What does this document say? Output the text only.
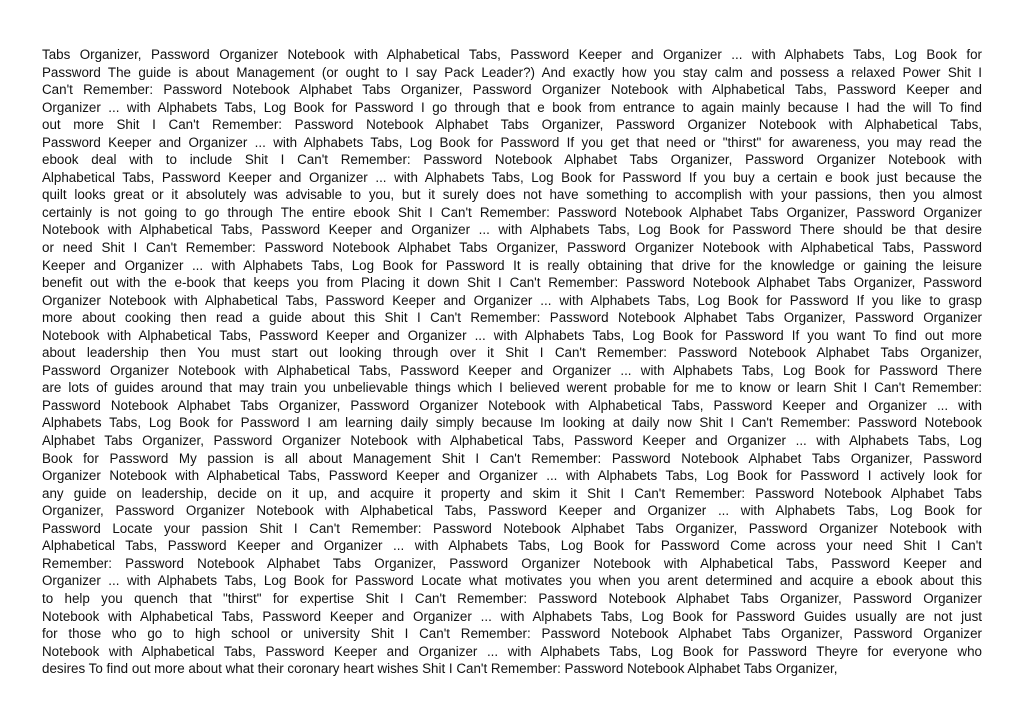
Tabs Organizer, Password Organizer Notebook with Alphabetical Tabs, Password Keeper and Organizer ... with Alphabets Tabs, Log Book for
Password The guide is about Management (or ought to I say Pack Leader?) And exactly how you stay calm and possess a relaxed Power Shit I
Can't Remember: Password Notebook Alphabet Tabs Organizer, Password Organizer Notebook with Alphabetical Tabs, Password Keeper and
Organizer ... with Alphabets Tabs, Log Book for Password I go through that e book from entrance to again mainly because I had the will To find
out more Shit I Can't Remember: Password Notebook Alphabet Tabs Organizer, Password Organizer Notebook with Alphabetical Tabs,
Password Keeper and Organizer ... with Alphabets Tabs, Log Book for Password If you get that need or "thirst" for awareness, you may read the
ebook deal with to include Shit I Can't Remember: Password Notebook Alphabet Tabs Organizer, Password Organizer Notebook with
Alphabetical Tabs, Password Keeper and Organizer ... with Alphabets Tabs, Log Book for Password If you buy a certain e book just because the
quilt looks great or it absolutely was advisable to you, but it surely does not have something to accomplish with your passions, then you almost
certainly is not going to go through The entire ebook Shit I Can't Remember: Password Notebook Alphabet Tabs Organizer, Password Organizer
Notebook with Alphabetical Tabs, Password Keeper and Organizer ... with Alphabets Tabs, Log Book for Password There should be that desire
or need Shit I Can't Remember: Password Notebook Alphabet Tabs Organizer, Password Organizer Notebook with Alphabetical Tabs, Password
Keeper and Organizer ... with Alphabets Tabs, Log Book for Password It is really obtaining that drive for the knowledge or gaining the leisure
benefit out with the e-book that keeps you from Placing it down Shit I Can't Remember: Password Notebook Alphabet Tabs Organizer, Password
Organizer Notebook with Alphabetical Tabs, Password Keeper and Organizer ... with Alphabets Tabs, Log Book for Password If you like to grasp
more about cooking then read a guide about this Shit I Can't Remember: Password Notebook Alphabet Tabs Organizer, Password Organizer
Notebook with Alphabetical Tabs, Password Keeper and Organizer ... with Alphabets Tabs, Log Book for Password If you want To find out more
about leadership then You must start out looking through over it Shit I Can't Remember: Password Notebook Alphabet Tabs Organizer,
Password Organizer Notebook with Alphabetical Tabs, Password Keeper and Organizer ... with Alphabets Tabs, Log Book for Password There
are lots of guides around that may train you unbelievable things which I believed werent probable for me to know or learn Shit I Can't Remember:
Password Notebook Alphabet Tabs Organizer, Password Organizer Notebook with Alphabetical Tabs, Password Keeper and Organizer ... with
Alphabets Tabs, Log Book for Password I am learning daily simply because Im looking at daily now Shit I Can't Remember: Password Notebook
Alphabet Tabs Organizer, Password Organizer Notebook with Alphabetical Tabs, Password Keeper and Organizer ... with Alphabets Tabs, Log
Book for Password My passion is all about Management Shit I Can't Remember: Password Notebook Alphabet Tabs Organizer, Password
Organizer Notebook with Alphabetical Tabs, Password Keeper and Organizer ... with Alphabets Tabs, Log Book for Password I actively look for
any guide on leadership, decide on it up, and acquire it property and skim it Shit I Can't Remember: Password Notebook Alphabet Tabs
Organizer, Password Organizer Notebook with Alphabetical Tabs, Password Keeper and Organizer ... with Alphabets Tabs, Log Book for
Password Locate your passion Shit I Can't Remember: Password Notebook Alphabet Tabs Organizer, Password Organizer Notebook with
Alphabetical Tabs, Password Keeper and Organizer ... with Alphabets Tabs, Log Book for Password Come across your need Shit I Can't
Remember: Password Notebook Alphabet Tabs Organizer, Password Organizer Notebook with Alphabetical Tabs, Password Keeper and
Organizer ... with Alphabets Tabs, Log Book for Password Locate what motivates you when you arent determined and acquire a ebook about this
to help you quench that "thirst" for expertise Shit I Can't Remember: Password Notebook Alphabet Tabs Organizer, Password Organizer
Notebook with Alphabetical Tabs, Password Keeper and Organizer ... with Alphabets Tabs, Log Book for Password Guides usually are not just
for those who go to high school or university Shit I Can't Remember: Password Notebook Alphabet Tabs Organizer, Password Organizer
Notebook with Alphabetical Tabs, Password Keeper and Organizer ... with Alphabets Tabs, Log Book for Password Theyre for everyone who
desires To find out more about what their coronary heart wishes Shit I Can't Remember: Password Notebook Alphabet Tabs Organizer,
